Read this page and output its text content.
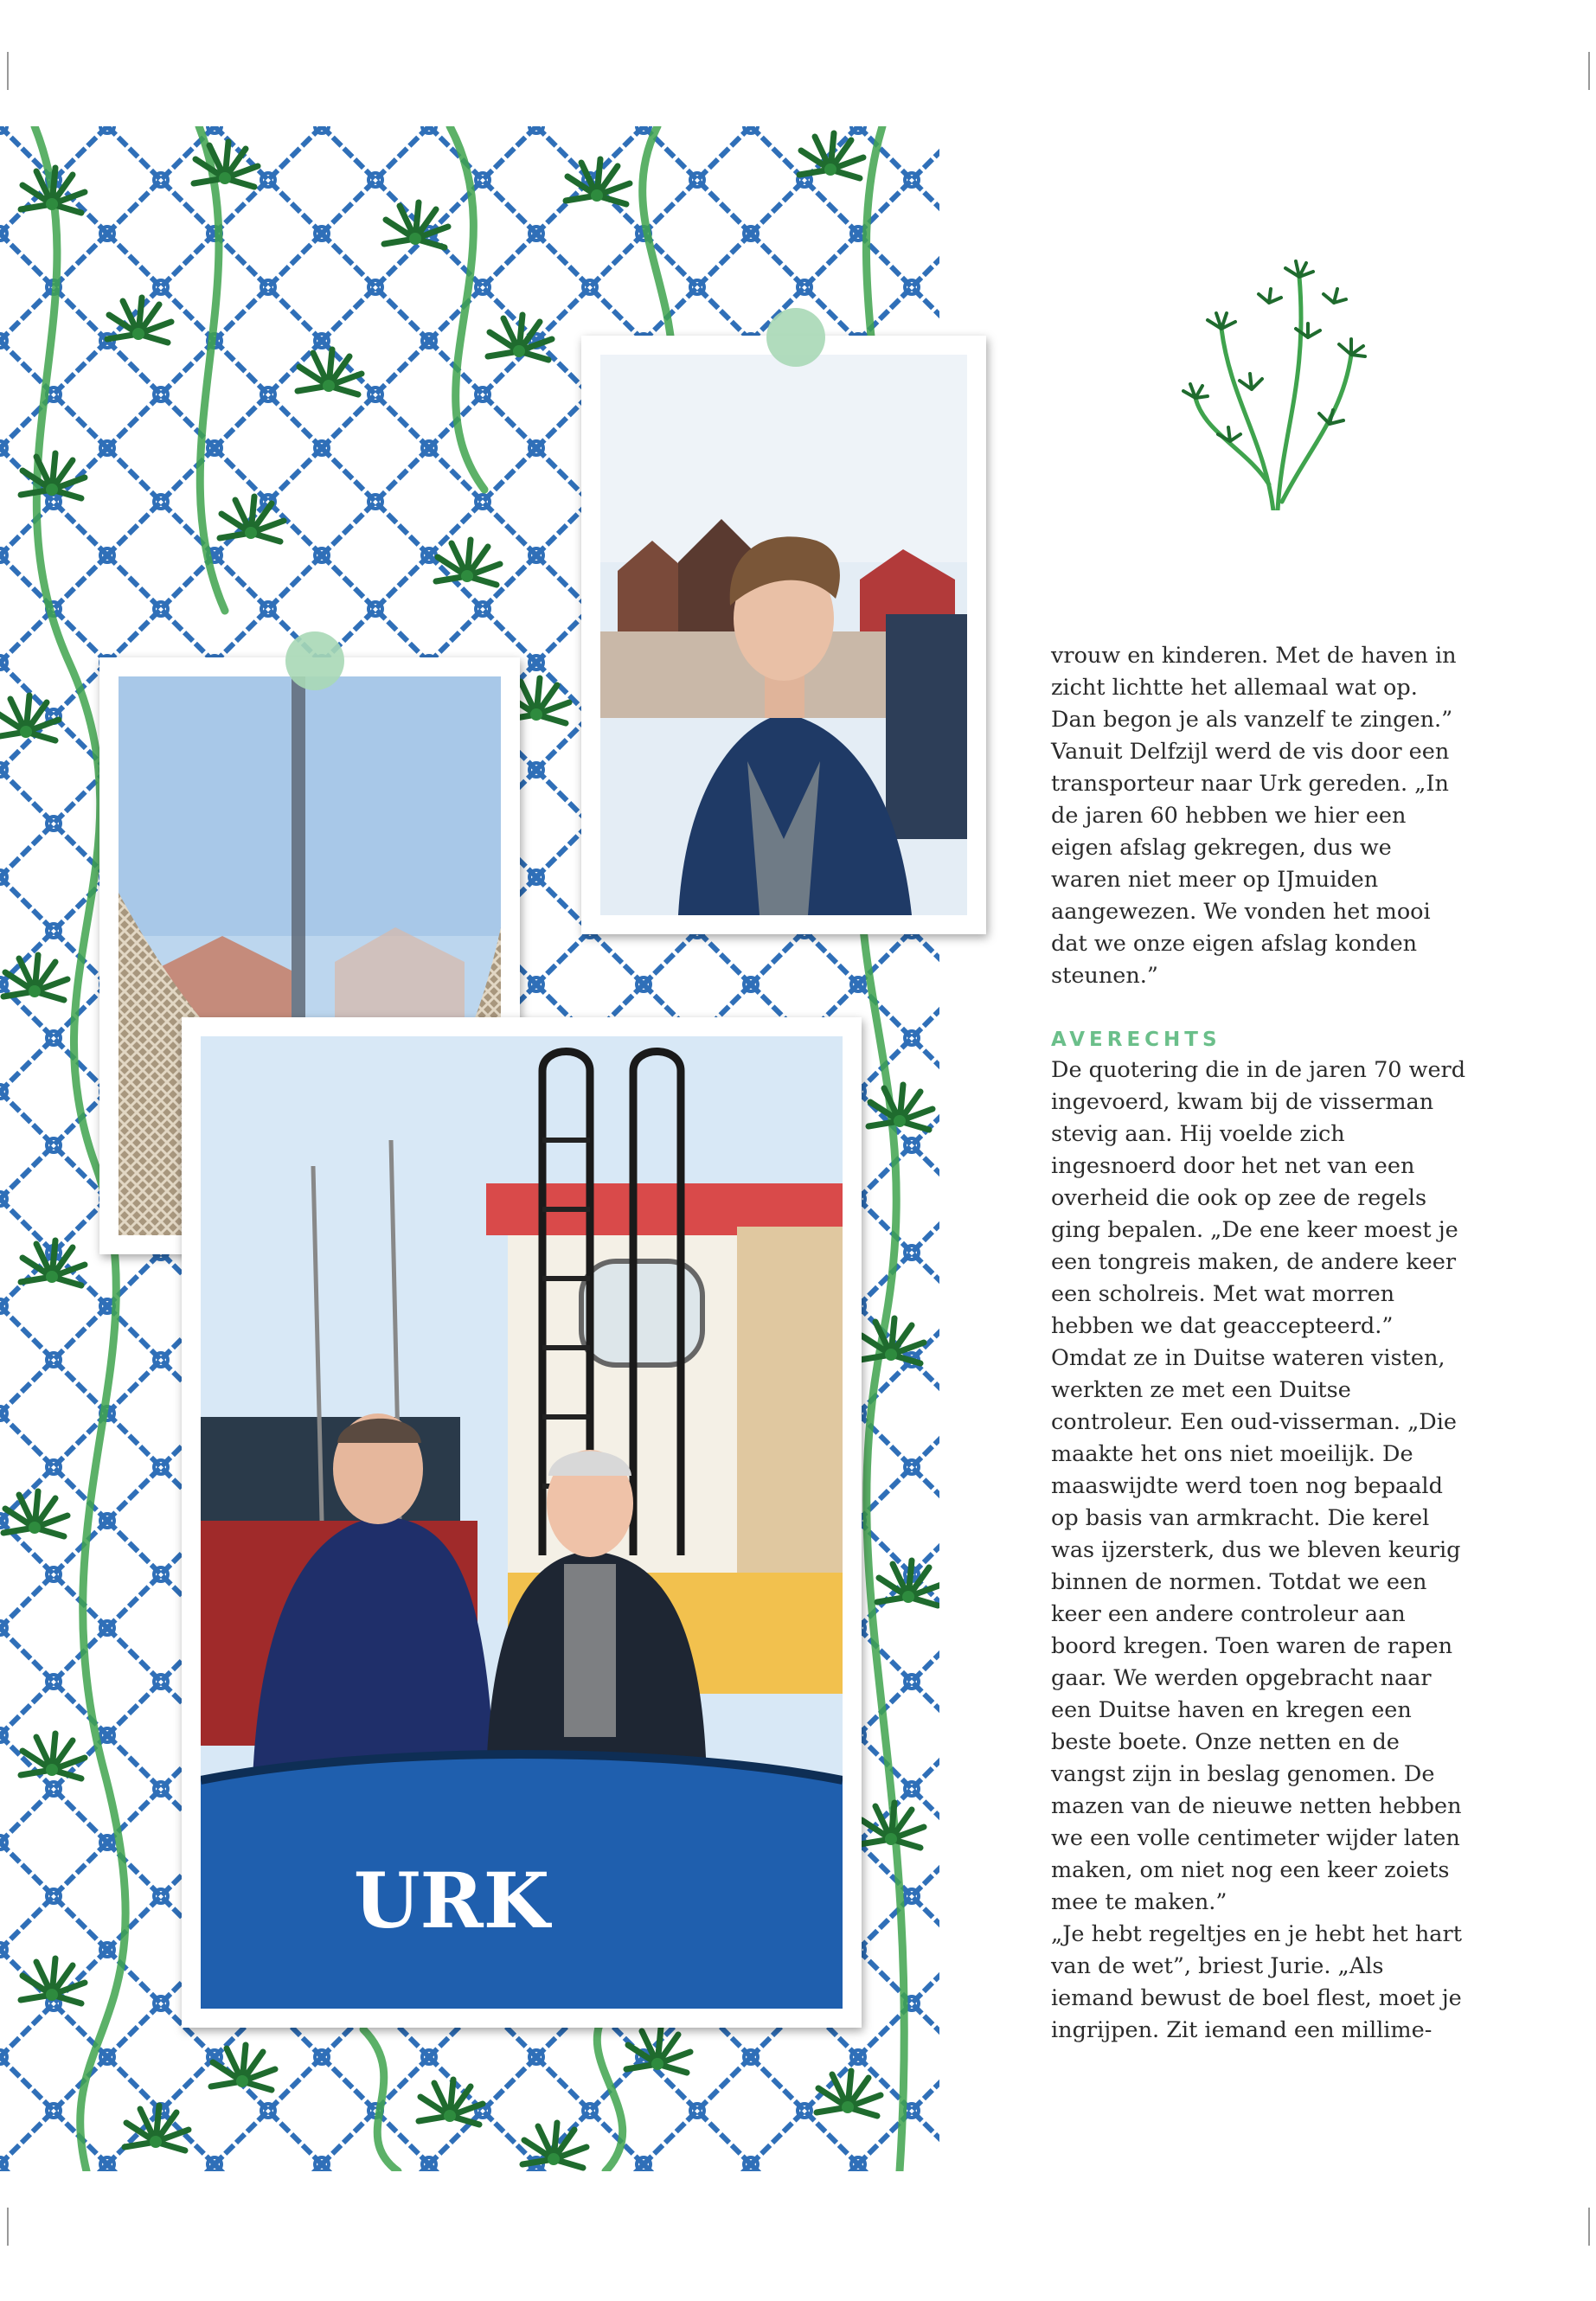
URK

vrouw en kinderen. Met de haven in zicht lichtte het allemaal wat op. Dan begon je als vanzelf te zingen.” Vanuit Delfzijl werd de vis door een transporteur naar Urk gereden. „In de jaren 60 hebben we hier een eigen afslag gekregen, dus we waren niet meer op IJmuiden aangewezen. We vonden het mooi dat we onze eigen afslag konden steunen.”

AVERECHTS

De quotering die in de jaren 70 werd ingevoerd, kwam bij de visserman stevig aan. Hij voelde zich ingesnoerd door het net van een overheid die ook op zee de regels ging bepalen. „De ene keer moest je een tongreis maken, de andere keer een scholreis. Met wat morren hebben we dat geaccepteerd.”

Omdat ze in Duitse wateren visten, werkten ze met een Duitse controleur. Een oud-visserman. „Die maakte het ons niet moeilijk. De maaswijdte werd toen nog bepaald op basis van armkracht. Die kerel was ijzersterk, dus we bleven keurig binnen de normen. Totdat we een keer een andere controleur aan boord kregen. Toen waren de rapen gaar. We werden opgebracht naar een Duitse haven en kregen een beste boete. Onze netten en de vangst zijn in beslag genomen. De mazen van de nieuwe netten hebben we een volle centimeter wijder laten maken, om niet nog een keer zoiets mee te maken.”

„Je hebt regeltjes en je hebt het hart van de wet”, briest Jurie. „Als iemand bewust de boel flest, moet je ingrijpen. Zit iemand een millime-
